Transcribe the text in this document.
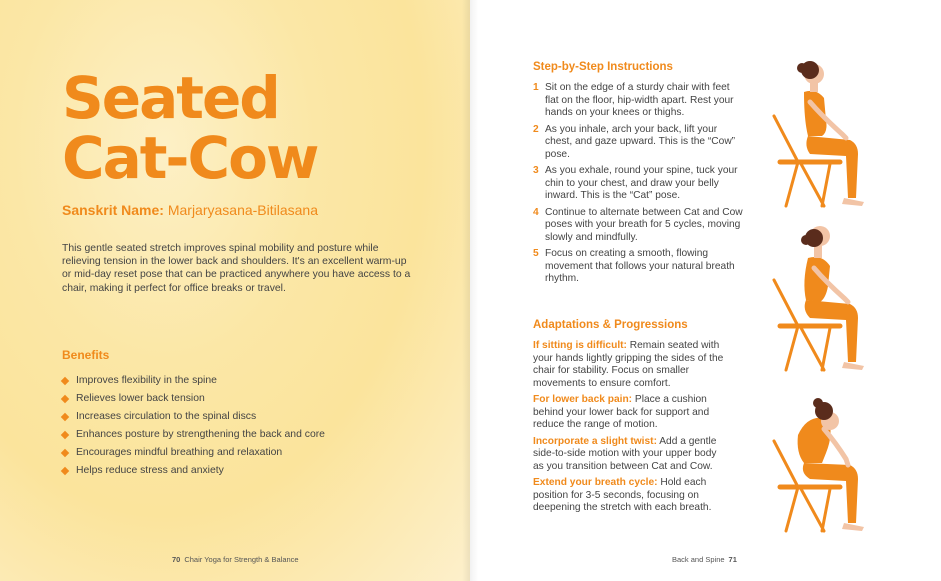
Seated
Cat-Cow
Sanskrit Name: Marjaryasana-Bitilasana

This gentle seated stretch improves spinal mobility and posture while relieving tension in the lower back and shoulders. It's an excellent warm-up or mid-day reset pose that can be practiced anywhere you have access to a chair, making it perfect for office breaks or travel.

Benefits
Improves flexibility in the spine
Relieves lower back tension
Increases circulation to the spinal discs
Enhances posture by strengthening the back and core
Encourages mindful breathing and relaxation
Helps reduce stress and anxiety
70 Chair Yoga for Strength & Balance
Step-by-Step Instructions
1 Sit on the edge of a sturdy chair with feet flat on the floor, hip-width apart. Rest your hands on your knees or thighs.
2 As you inhale, arch your back, lift your chest, and gaze upward. This is the “Cow” pose.
3 As you exhale, round your spine, tuck your chin to your chest, and draw your belly inward. This is the “Cat” pose.
4 Continue to alternate between Cat and Cow poses with your breath for 5 cycles, moving slowly and mindfully.
5 Focus on creating a smooth, flowing movement that follows your natural breath rhythm.
Adaptations & Progressions

If sitting is difficult: Remain seated with your hands lightly gripping the sides of the chair for stability. Focus on smaller movements to ensure comfort.

For lower back pain: Place a cushion behind your lower back for support and reduce the range of motion.

Incorporate a slight twist: Add a gentle side-to-side motion with your upper body as you transition between Cat and Cow.

Extend your breath cycle: Hold each position for 3-5 seconds, focusing on deepening the stretch with each breath.

Back and Spine 71
